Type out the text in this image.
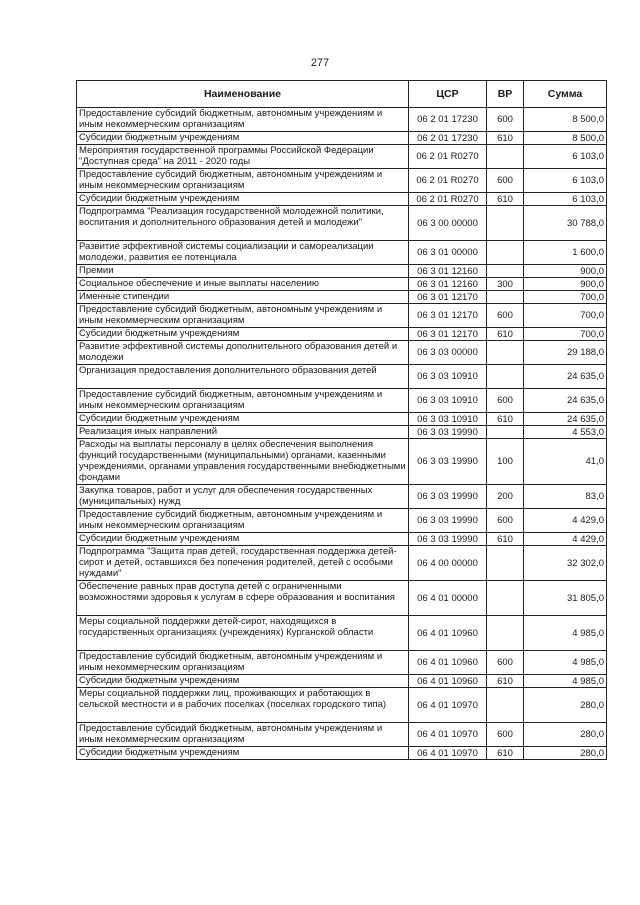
277
Наименование	ЦСР	ВР	Сумма
Предоставление субсидий бюджетным, автономным учреждениям и иным некоммерческим организациям	06 2 01 17230	600	8 500,0
Субсидии бюджетным учреждениям	06 2 01 17230	610	8 500,0
Мероприятия государственной программы Российской Федерации "Доступная среда" на 2011 - 2020 годы	06 2 01 R0270		6 103,0
Предоставление субсидий бюджетным, автономным учреждениям и иным некоммерческим организациям	06 2 01 R0270	600	6 103,0
Субсидии бюджетным учреждениям	06 2 01 R0270	610	6 103,0
Подпрограмма "Реализация государственной молодежной политики, воспитания и дополнительного образования детей и молодежи"	06 3 00 00000		30 788,0
Развитие эффективной системы социализации и самореализации молодежи, развития ее потенциала	06 3 01 00000		1 600,0
Премии	06 3 01 12160		900,0
Социальное обеспечение и иные выплаты населению	06 3 01 12160	300	900,0
Именные стипендии	06 3 01 12170		700,0
Предоставление субсидий бюджетным, автономным учреждениям и иным некоммерческим организациям	06 3 01 12170	600	700,0
Субсидии бюджетным учреждениям	06 3 01 12170	610	700,0
Развитие эффективной системы дополнительного образования детей и молодежи	06 3 03 00000		29 188,0
Организация предоставления дополнительного образования детей	06 3 03 10910		24 635,0
Предоставление субсидий бюджетным, автономным учреждениям и иным некоммерческим организациям	06 3 03 10910	600	24 635,0
Субсидии бюджетным учреждениям	06 3 03 10910	610	24 635,0
Реализация иных направлений	06 3 03 19990		4 553,0
Расходы на выплаты персоналу в целях обеспечения выполнения функций государственными (муниципальными) органами, казенными учреждениями, органами управления государственными внебюджетными фондами	06 3 03 19990	100	41,0
Закупка товаров, работ и услуг для обеспечения государственных (муниципальных) нужд	06 3 03 19990	200	83,0
Предоставление субсидий бюджетным, автономным учреждениям и иным некоммерческим организациям	06 3 03 19990	600	4 429,0
Субсидии бюджетным учреждениям	06 3 03 19990	610	4 429,0
Подпрограмма "Защита прав детей, государственная поддержка детей-сирот и детей, оставшихся без попечения родителей, детей с особыми нуждами"	06 4 00 00000		32 302,0
Обеспечение равных прав доступа детей с ограниченными возможностями здоровья к услугам в сфере образования и воспитания	06 4 01 00000		31 805,0
Меры социальной поддержки детей-сирот, находящихся в государственных организациях (учреждениях) Курганской области	06 4 01 10960		4 985,0
Предоставление субсидий бюджетным, автономным учреждениям и иным некоммерческим организациям	06 4 01 10960	600	4 985,0
Субсидии бюджетным учреждениям	06 4 01 10960	610	4 985,0
Меры социальной поддержки лиц, проживающих и работающих в сельской местности и в рабочих поселках (поселках городского типа)	06 4 01 10970		280,0
Предоставление субсидий бюджетным, автономным учреждениям и иным некоммерческим организациям	06 4 01 10970	600	280,0
Субсидии бюджетным учреждениям	06 4 01 10970	610	280,0
